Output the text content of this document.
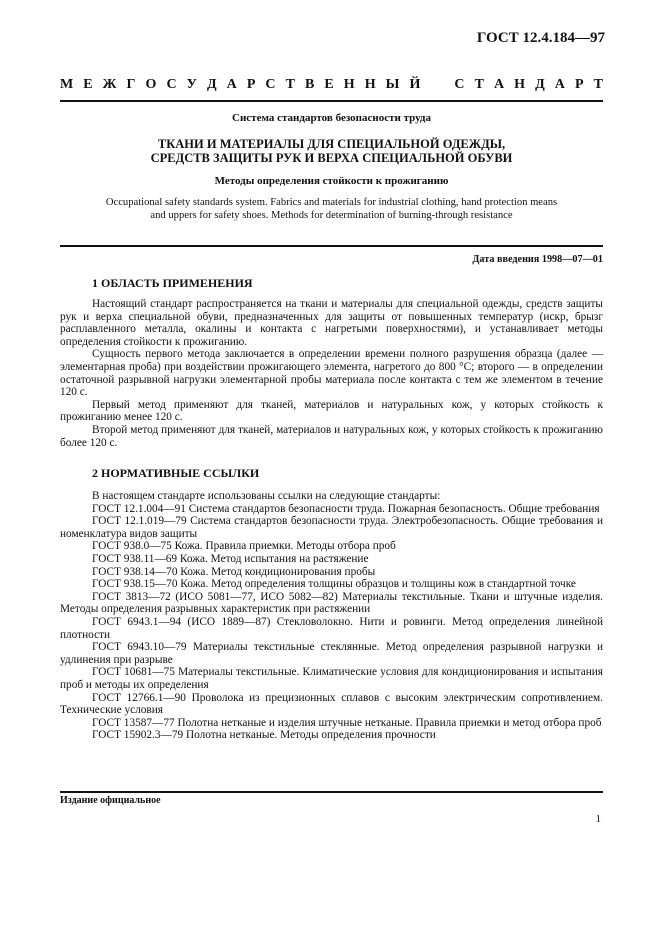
ГОСТ 12.4.184—97
М Е Ж Г О С У Д А Р С Т В Е Н Н Ы Й С Т А Н Д А Р Т
Система стандартов безопасности труда
ТКАНИ И МАТЕРИАЛЫ ДЛЯ СПЕЦИАЛЬНОЙ ОДЕЖДЫ,
СРЕДСТВ ЗАЩИТЫ РУК И ВЕРХА СПЕЦИАЛЬНОЙ ОБУВИ
Методы определения стойкости к прожиганию
Occupational safety standards system. Fabrics and materials for industrial clothing, hand protection means
and uppers for safety shoes. Methods for determination of burning-through resistance
Дата введения 1998—07—01
1 ОБЛАСТЬ ПРИМЕНЕНИЯ

Настоящий стандарт распространяется на ткани и материалы для специальной одежды, средств защиты рук и верха специальной обуви, предназначенных для защиты от повышенных температур (искр, брызг расплавленного металла, окалины и контакта с нагретыми поверхностями), и устанавливает методы определения стойкости к прожиганию.

Сущность первого метода заключается в определении времени полного разрушения образца (далее — элементарная проба) при воздействии прожигающего элемента, нагретого до 800 °С; второго — в определении остаточной разрывной нагрузки элементарной пробы материала после контакта с тем же элементом в течение 120 с.

Первый метод применяют для тканей, материалов и натуральных кож, у которых стойкость к прожиганию менее 120 с.

Второй метод применяют для тканей, материалов и натуральных кож, у которых стойкость к прожиганию более 120 с.

2 НОРМАТИВНЫЕ ССЫЛКИ

В настоящем стандарте использованы ссылки на следующие стандарты:

ГОСТ 12.1.004—91 Система стандартов безопасности труда. Пожарная безопасность. Общие требования

ГОСТ 12.1.019—79 Система стандартов безопасности труда. Электробезопасность. Общие требования и номенклатура видов защиты

ГОСТ 938.0—75 Кожа. Правила приемки. Методы отбора проб

ГОСТ 938.11—69 Кожа. Метод испытания на растяжение

ГОСТ 938.14—70 Кожа. Метод кондиционирования пробы

ГОСТ 938.15—70 Кожа. Метод определения толщины образцов и толщины кож в стандартной точке

ГОСТ 3813—72 (ИСО 5081—77, ИСО 5082—82) Материалы текстильные. Ткани и штучные изделия. Методы определения разрывных характеристик при растяжении

ГОСТ 6943.1—94 (ИСО 1889—87) Стекловолокно. Нити и ровинги. Метод определения линейной плотности

ГОСТ 6943.10—79 Материалы текстильные стеклянные. Метод определения разрывной нагрузки и удлинения при разрыве

ГОСТ 10681—75 Материалы текстильные. Климатические условия для кондиционирования и испытания проб и методы их определения

ГОСТ 12766.1—90 Проволока из прецизионных сплавов с высоким электрическим сопротивлением. Технические условия

ГОСТ 13587—77 Полотна нетканые и изделия штучные нетканые. Правила приемки и метод отбора проб

ГОСТ 15902.3—79 Полотна нетканые. Методы определения прочности

Издание официальное
1
